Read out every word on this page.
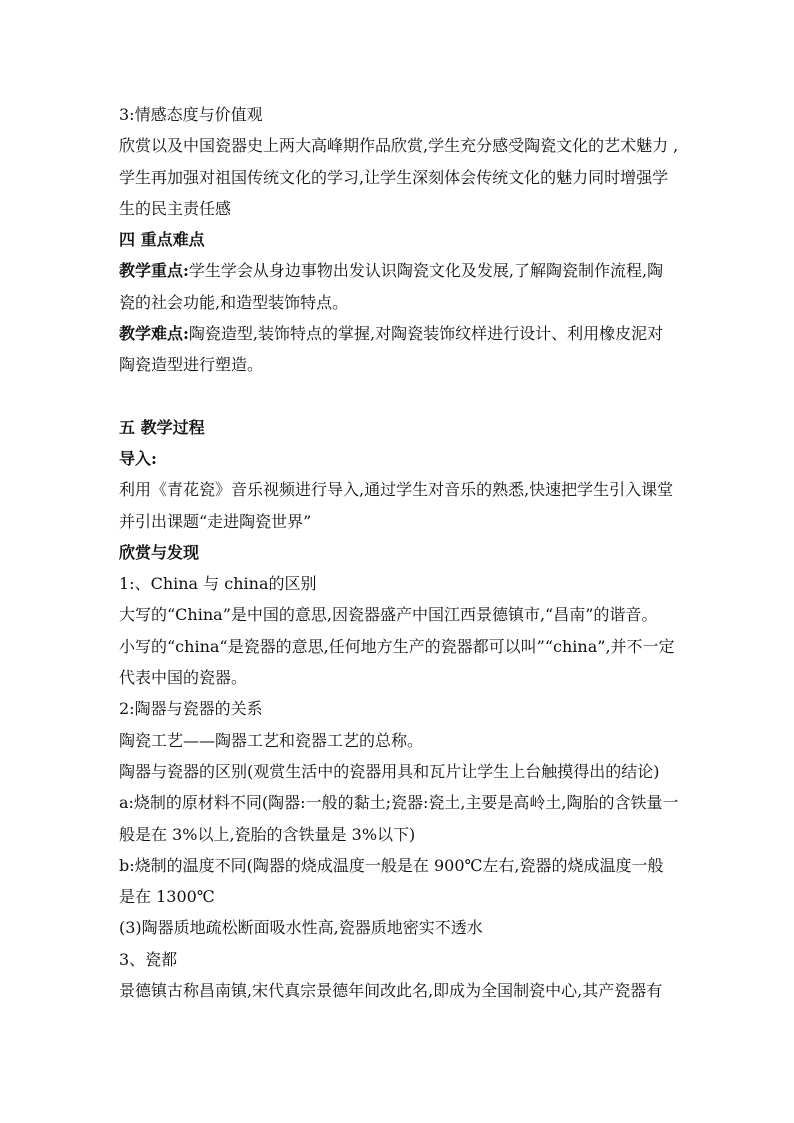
3:情感态度与价值观

欣赏以及中国瓷器史上两大高峰期作品欣赏,学生充分感受陶瓷文化的艺术魅力 ,学生再加强对祖国传统文化的学习,让学生深刻体会传统文化的魅力同时增强学生的民主责任感

四 重点难点

教学重点:学生学会从身边事物出发认识陶瓷文化及发展,了解陶瓷制作流程,陶瓷的社会功能,和造型装饰特点。

教学难点:陶瓷造型,装饰特点的掌握,对陶瓷装饰纹样进行设计、利用橡皮泥对陶瓷造型进行塑造。

五 教学过程

导入:

利用《青花瓷》音乐视频进行导入,通过学生对音乐的熟悉,快速把学生引入课堂并引出课题“走进陶瓷世界”

欣赏与发现

1:、China 与 china的区别

大写的“China”是中国的意思,因瓷器盛产中国江西景德镇市,“昌南”的谐音。

小写的“china“是瓷器的意思,任何地方生产的瓷器都可以叫”“china”,并不一定代表中国的瓷器。

2:陶器与瓷器的关系

陶瓷工艺——陶器工艺和瓷器工艺的总称。

陶器与瓷器的区别(观赏生活中的瓷器用具和瓦片让学生上台触摸得出的结论)

a:烧制的原材料不同(陶器:一般的黏土;瓷器:瓷土,主要是高岭土,陶胎的含铁量一般是在 3%以上,瓷胎的含铁量是 3%以下)

b:烧制的温度不同(陶器的烧成温度一般是在 900℃左右,瓷器的烧成温度一般是在 1300℃

(3)陶器质地疏松断面吸水性高,瓷器质地密实不透水

3、瓷都

景德镇古称昌南镇,宋代真宗景德年间改此名,即成为全国制瓷中心,其产瓷器有
